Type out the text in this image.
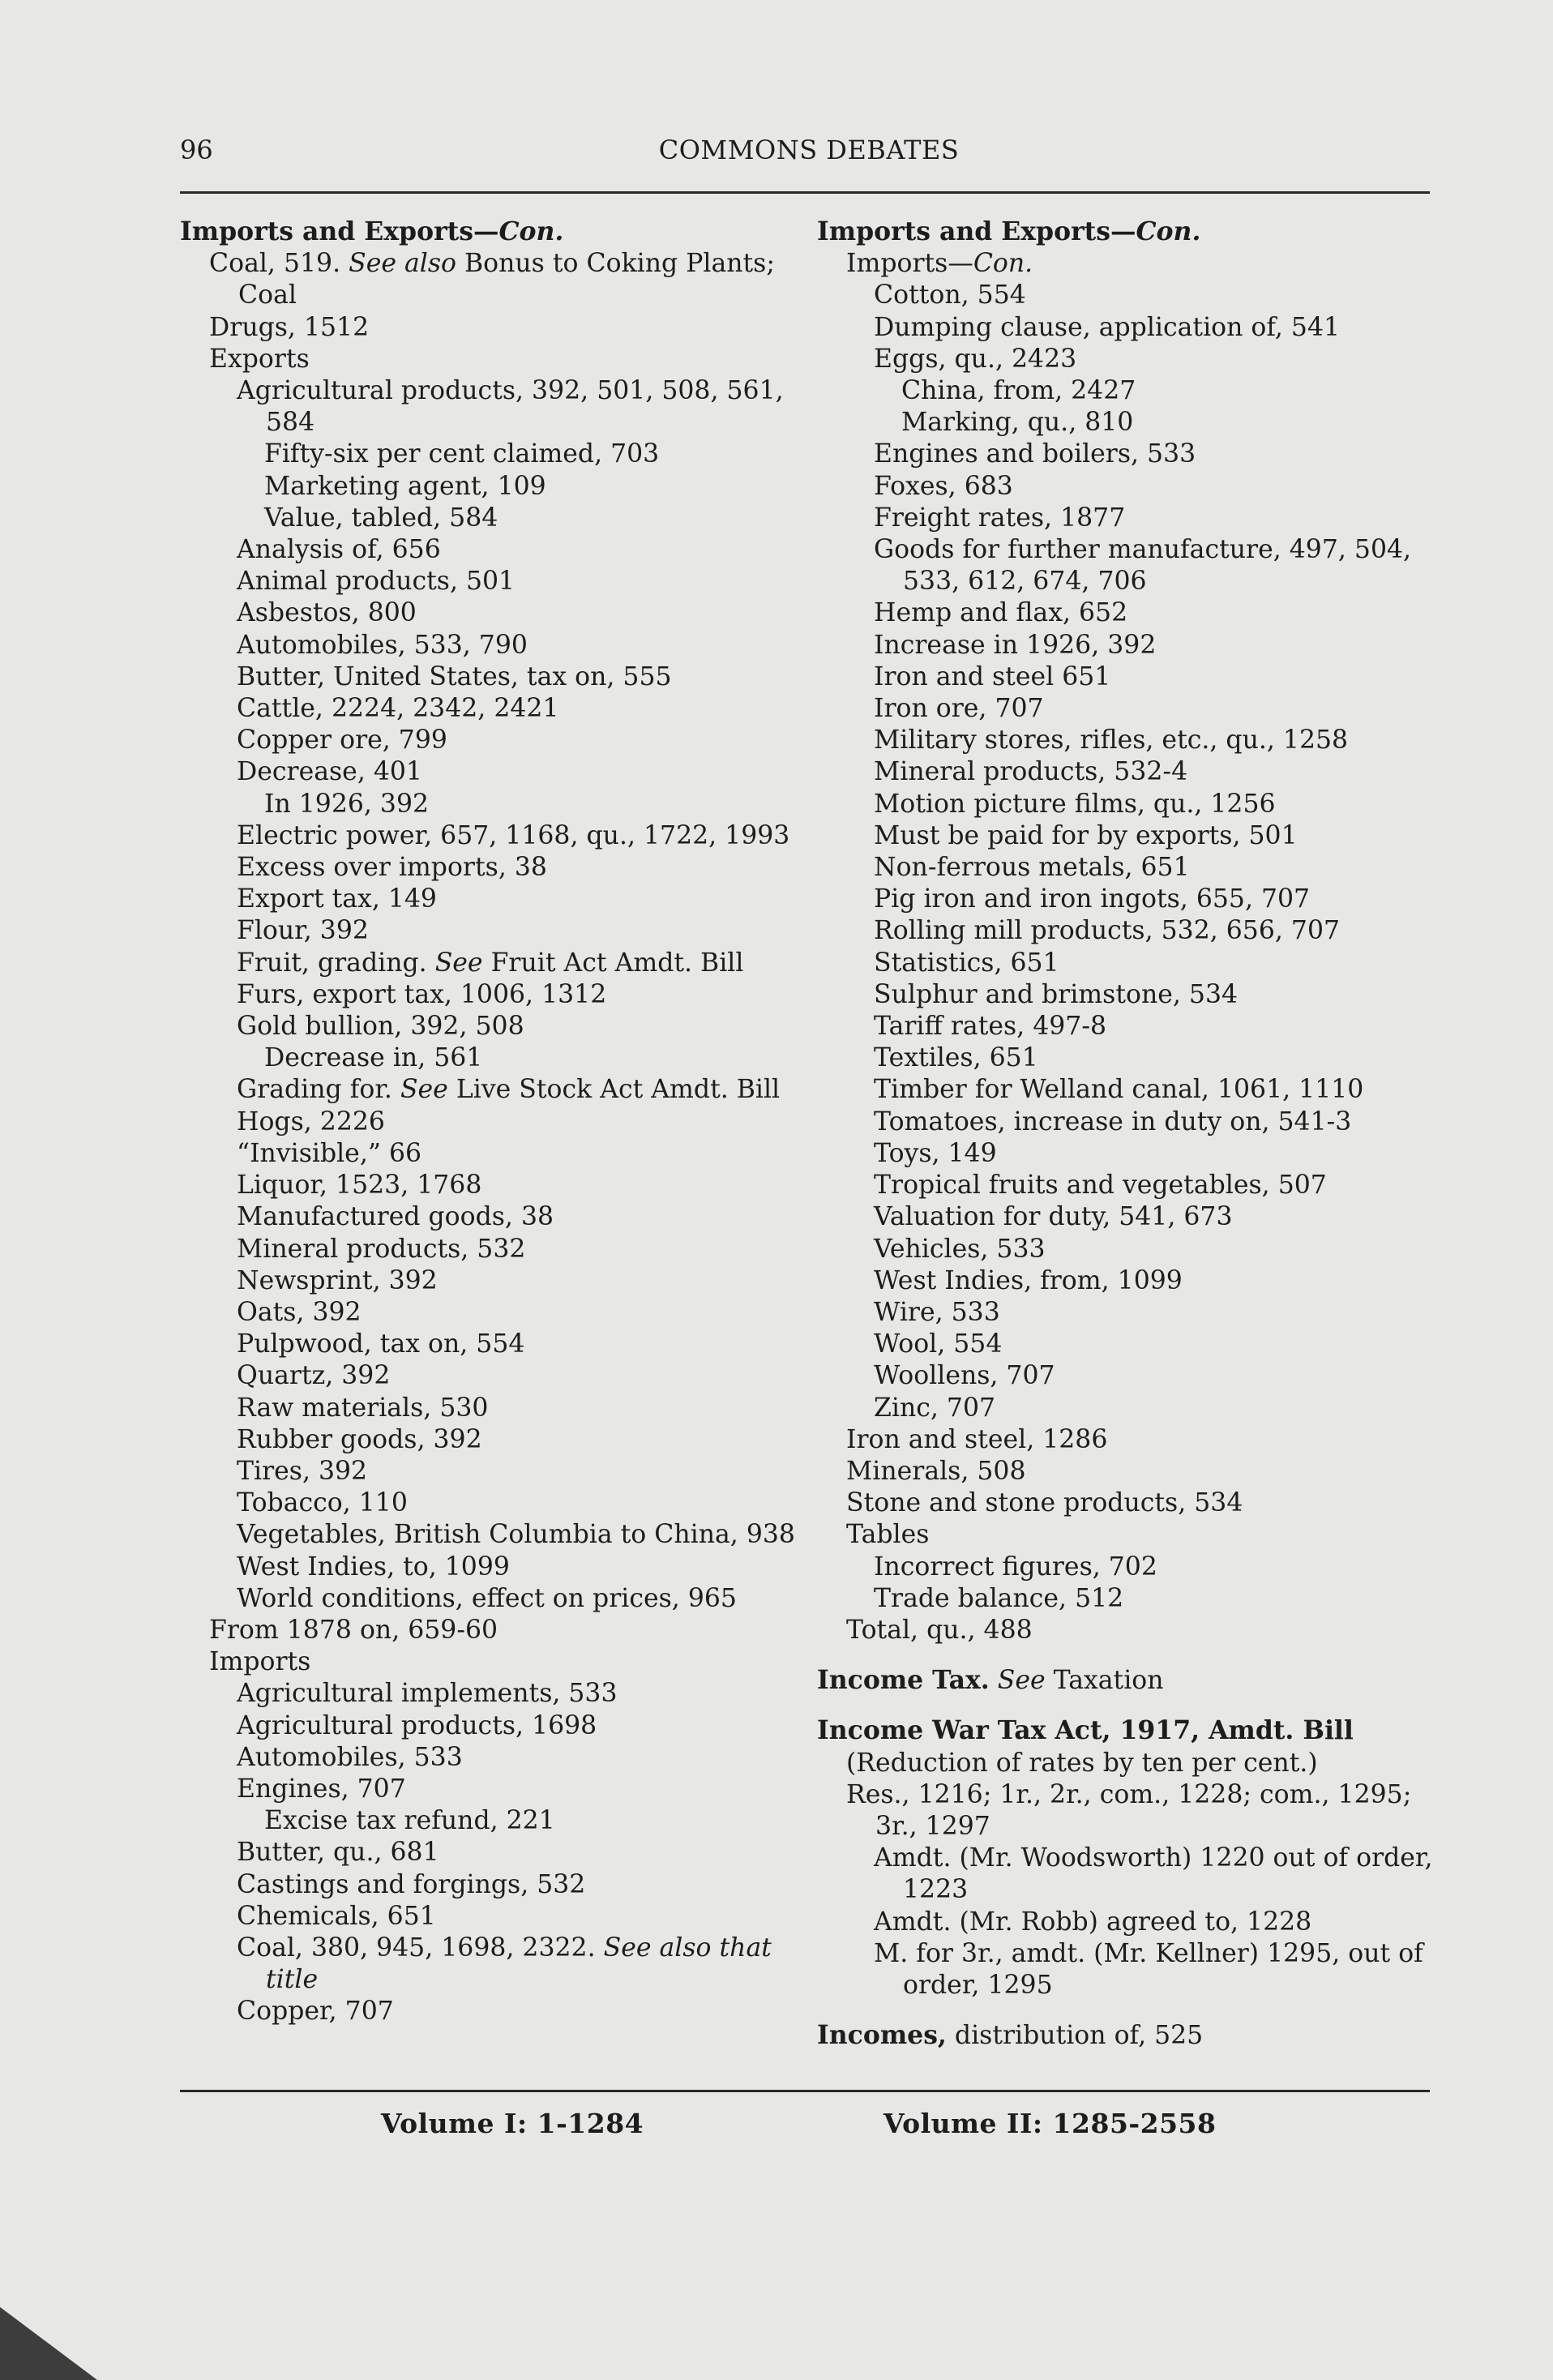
96	COMMONS DEBATES
Imports and Exports—Con.
Coal, 519. See also Bonus to Coking Plants; Coal
Drugs, 1512
Exports
Agricultural products, 392, 501, 508, 561, 584
Fifty-six per cent claimed, 703
Marketing agent, 109
Value, tabled, 584
Analysis of, 656
Animal products, 501
Asbestos, 800
Automobiles, 533, 790
Butter, United States, tax on, 555
Cattle, 2224, 2342, 2421
Copper ore, 799
Decrease, 401
In 1926, 392
Electric power, 657, 1168, qu., 1722, 1993
Excess over imports, 38
Export tax, 149
Flour, 392
Fruit, grading. See Fruit Act Amdt. Bill
Furs, export tax, 1006, 1312
Gold bullion, 392, 508
Decrease in, 561
Grading for. See Live Stock Act Amdt. Bill
Hogs, 2226
“Invisible,” 66
Liquor, 1523, 1768
Manufactured goods, 38
Mineral products, 532
Newsprint, 392
Oats, 392
Pulpwood, tax on, 554
Quartz, 392
Raw materials, 530
Rubber goods, 392
Tires, 392
Tobacco, 110
Vegetables, British Columbia to China, 938
West Indies, to, 1099
World conditions, effect on prices, 965
From 1878 on, 659-60
Imports
Agricultural implements, 533
Agricultural products, 1698
Automobiles, 533
Engines, 707
Excise tax refund, 221
Butter, qu., 681
Castings and forgings, 532
Chemicals, 651
Coal, 380, 945, 1698, 2322. See also that title
Copper, 707
Imports and Exports—Con.
Imports—Con.
Cotton, 554
Dumping clause, application of, 541
Eggs, qu., 2423
China, from, 2427
Marking, qu., 810
Engines and boilers, 533
Foxes, 683
Freight rates, 1877
Goods for further manufacture, 497, 504, 533, 612, 674, 706
Hemp and flax, 652
Increase in 1926, 392
Iron and steel 651
Iron ore, 707
Military stores, rifles, etc., qu., 1258
Mineral products, 532-4
Motion picture films, qu., 1256
Must be paid for by exports, 501
Non-ferrous metals, 651
Pig iron and iron ingots, 655, 707
Rolling mill products, 532, 656, 707
Statistics, 651
Sulphur and brimstone, 534
Tariff rates, 497-8
Textiles, 651
Timber for Welland canal, 1061, 1110
Tomatoes, increase in duty on, 541-3
Toys, 149
Tropical fruits and vegetables, 507
Valuation for duty, 541, 673
Vehicles, 533
West Indies, from, 1099
Wire, 533
Wool, 554
Woollens, 707
Zinc, 707
Iron and steel, 1286
Minerals, 508
Stone and stone products, 534
Tables
Incorrect figures, 702
Trade balance, 512
Total, qu., 488
Income Tax. See Taxation
Income War Tax Act, 1917, Amdt. Bill
(Reduction of rates by ten per cent.)
Res., 1216; 1r., 2r., com., 1228; com., 1295; 3r., 1297
Amdt. (Mr. Woodsworth) 1220 out of order, 1223
Amdt. (Mr. Robb) agreed to, 1228
M. for 3r., amdt. (Mr. Kellner) 1295, out of order, 1295
Incomes, distribution of, 525
Volume I: 1-1284	Volume II: 1285-2558
